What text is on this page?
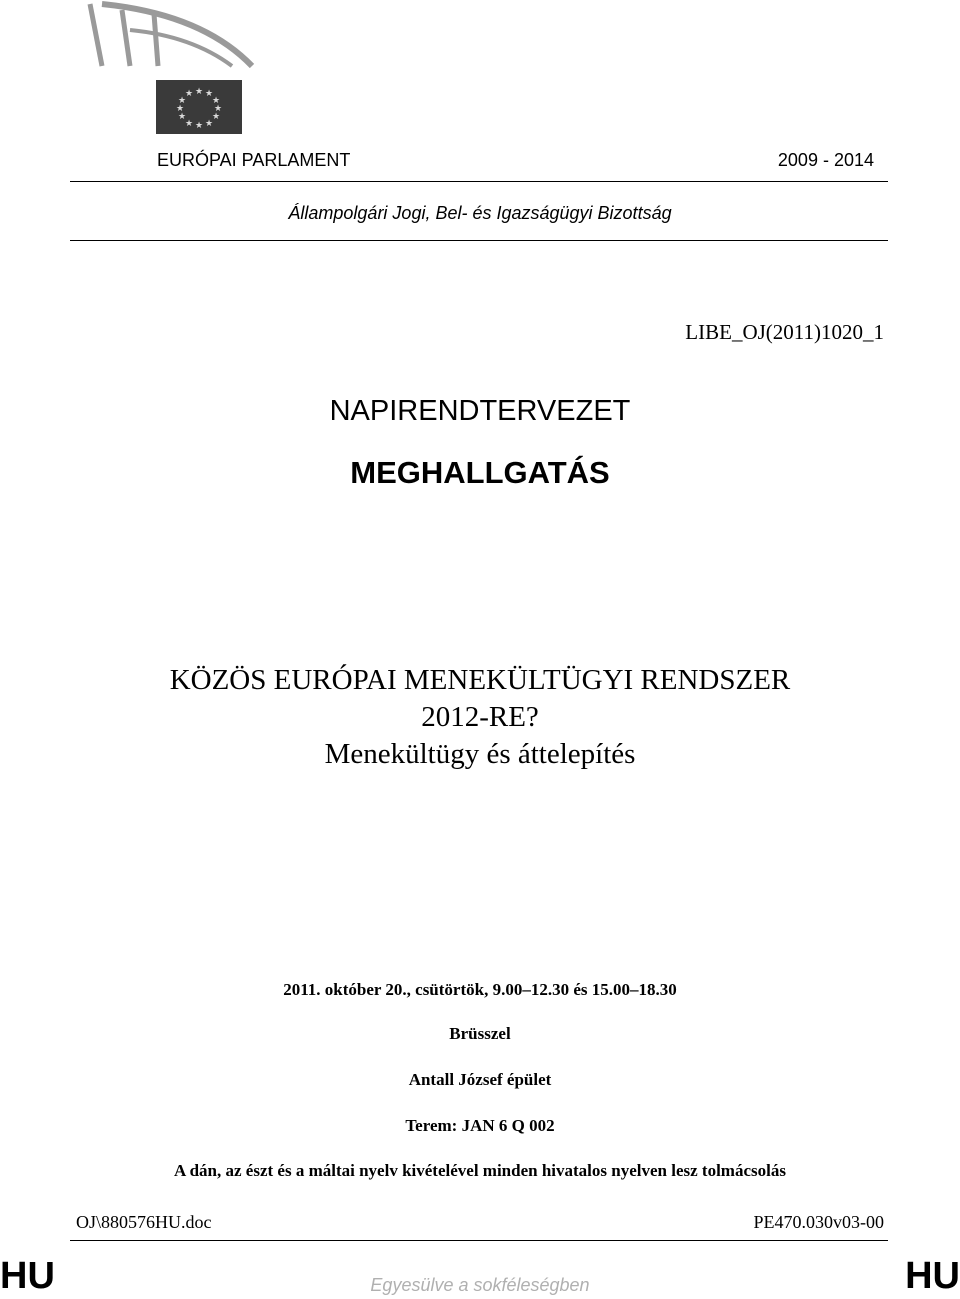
★ ★
★
★
★
★
★
★
★
★
★
★
EURÓPAI PARLAMENT	2009 - 2014
Állampolgári Jogi, Bel- és Igazságügyi Bizottság
LIBE_OJ(2011)1020_1
NAPIRENDTERVEZET
MEGHALLGATÁS
KÖZÖS EURÓPAI MENEKÜLTÜGYI RENDSZER
2012-RE?
Menekültügy és áttelepítés
2011. október 20., csütörtök, 9.00–12.30 és 15.00–18.30
Brüsszel
Antall József épület
Terem: JAN 6 Q 002
A dán, az észt és a máltai nyelv kivételével minden hivatalos nyelven lesz tolmácsolás
OJ\880576HU.doc	PE470.030v03-00
HU	HU
Egyesülve a sokféleségben
